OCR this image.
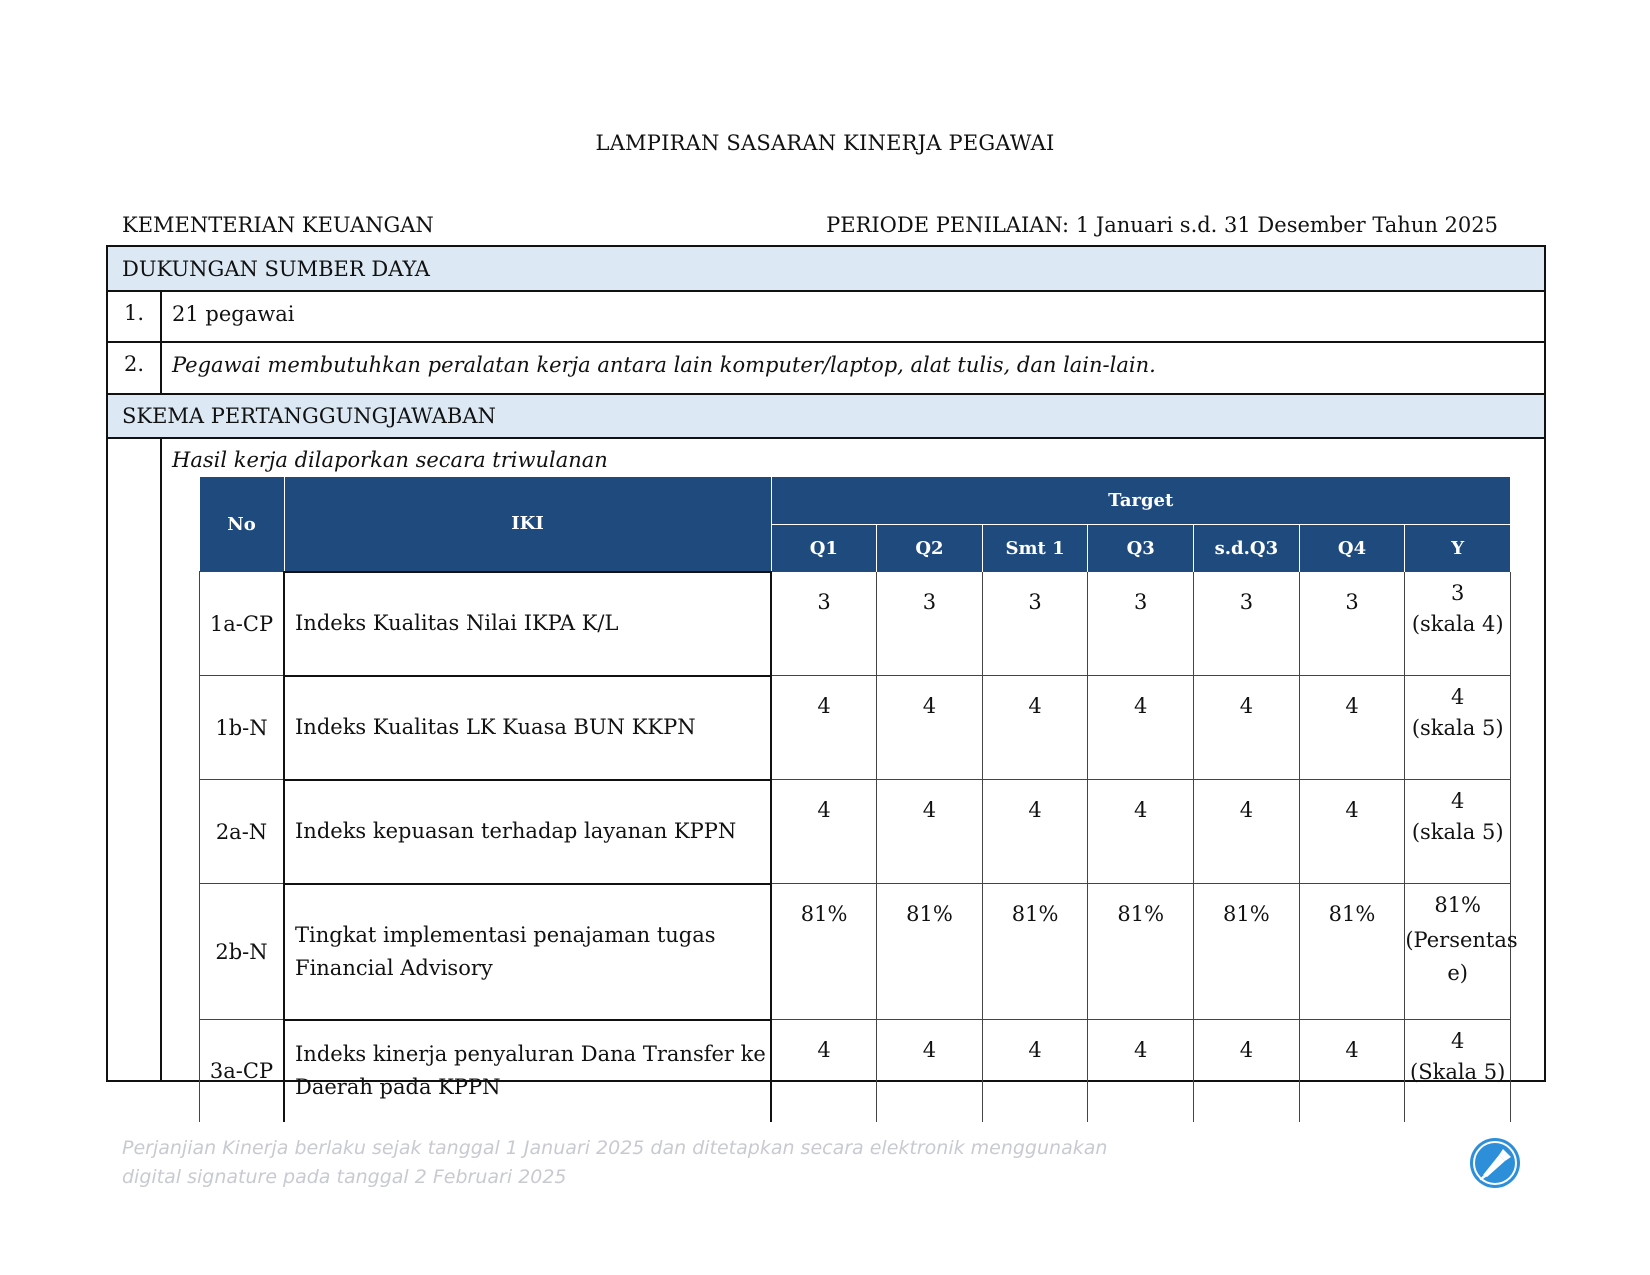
LAMPIRAN SASARAN KINERJA PEGAWAI
KEMENTERIAN KEUANGAN	PERIODE PENILAIAN: 1 Januari s.d. 31 Desember Tahun 2025
DUKUNGAN SUMBER DAYA
1.	21 pegawai
2.	Pegawai membutuhkan peralatan kerja antara lain komputer/laptop, alat tulis, dan lain-lain.
SKEMA PERTANGGUNGJAWABAN
Hasil kerja dilaporkan secara triwulanan
No	IKI	Target						
		Q1	Q2	Smt 1	Q3	s.d.Q3	Q4	Y
1a-CP	Indeks Kualitas Nilai IKPA K/L	3	3	3	3	3	3	3
(skala 4)

1b-N	Indeks Kualitas LK Kuasa BUN KKPN	4	4	4	4	4	4	4
(skala 5)

2a-N	Indeks kepuasan terhadap layanan KPPN	4	4	4	4	4	4	4
(skala 5)

2b-N	Tingkat implementasi penajaman tugas
Financial Advisory	81%	81%	81%	81%	81%	81%	81%
(Persentas
e)

3a-CP	Indeks kinerja penyaluran Dana Transfer ke
Daerah pada KPPN	4	4	4	4	4	4	4
(Skala 5)
Perjanjian Kinerja berlaku sejak tanggal 1 Januari 2025 dan ditetapkan secara elektronik menggunakan
digital signature pada tanggal 2 Februari 2025
